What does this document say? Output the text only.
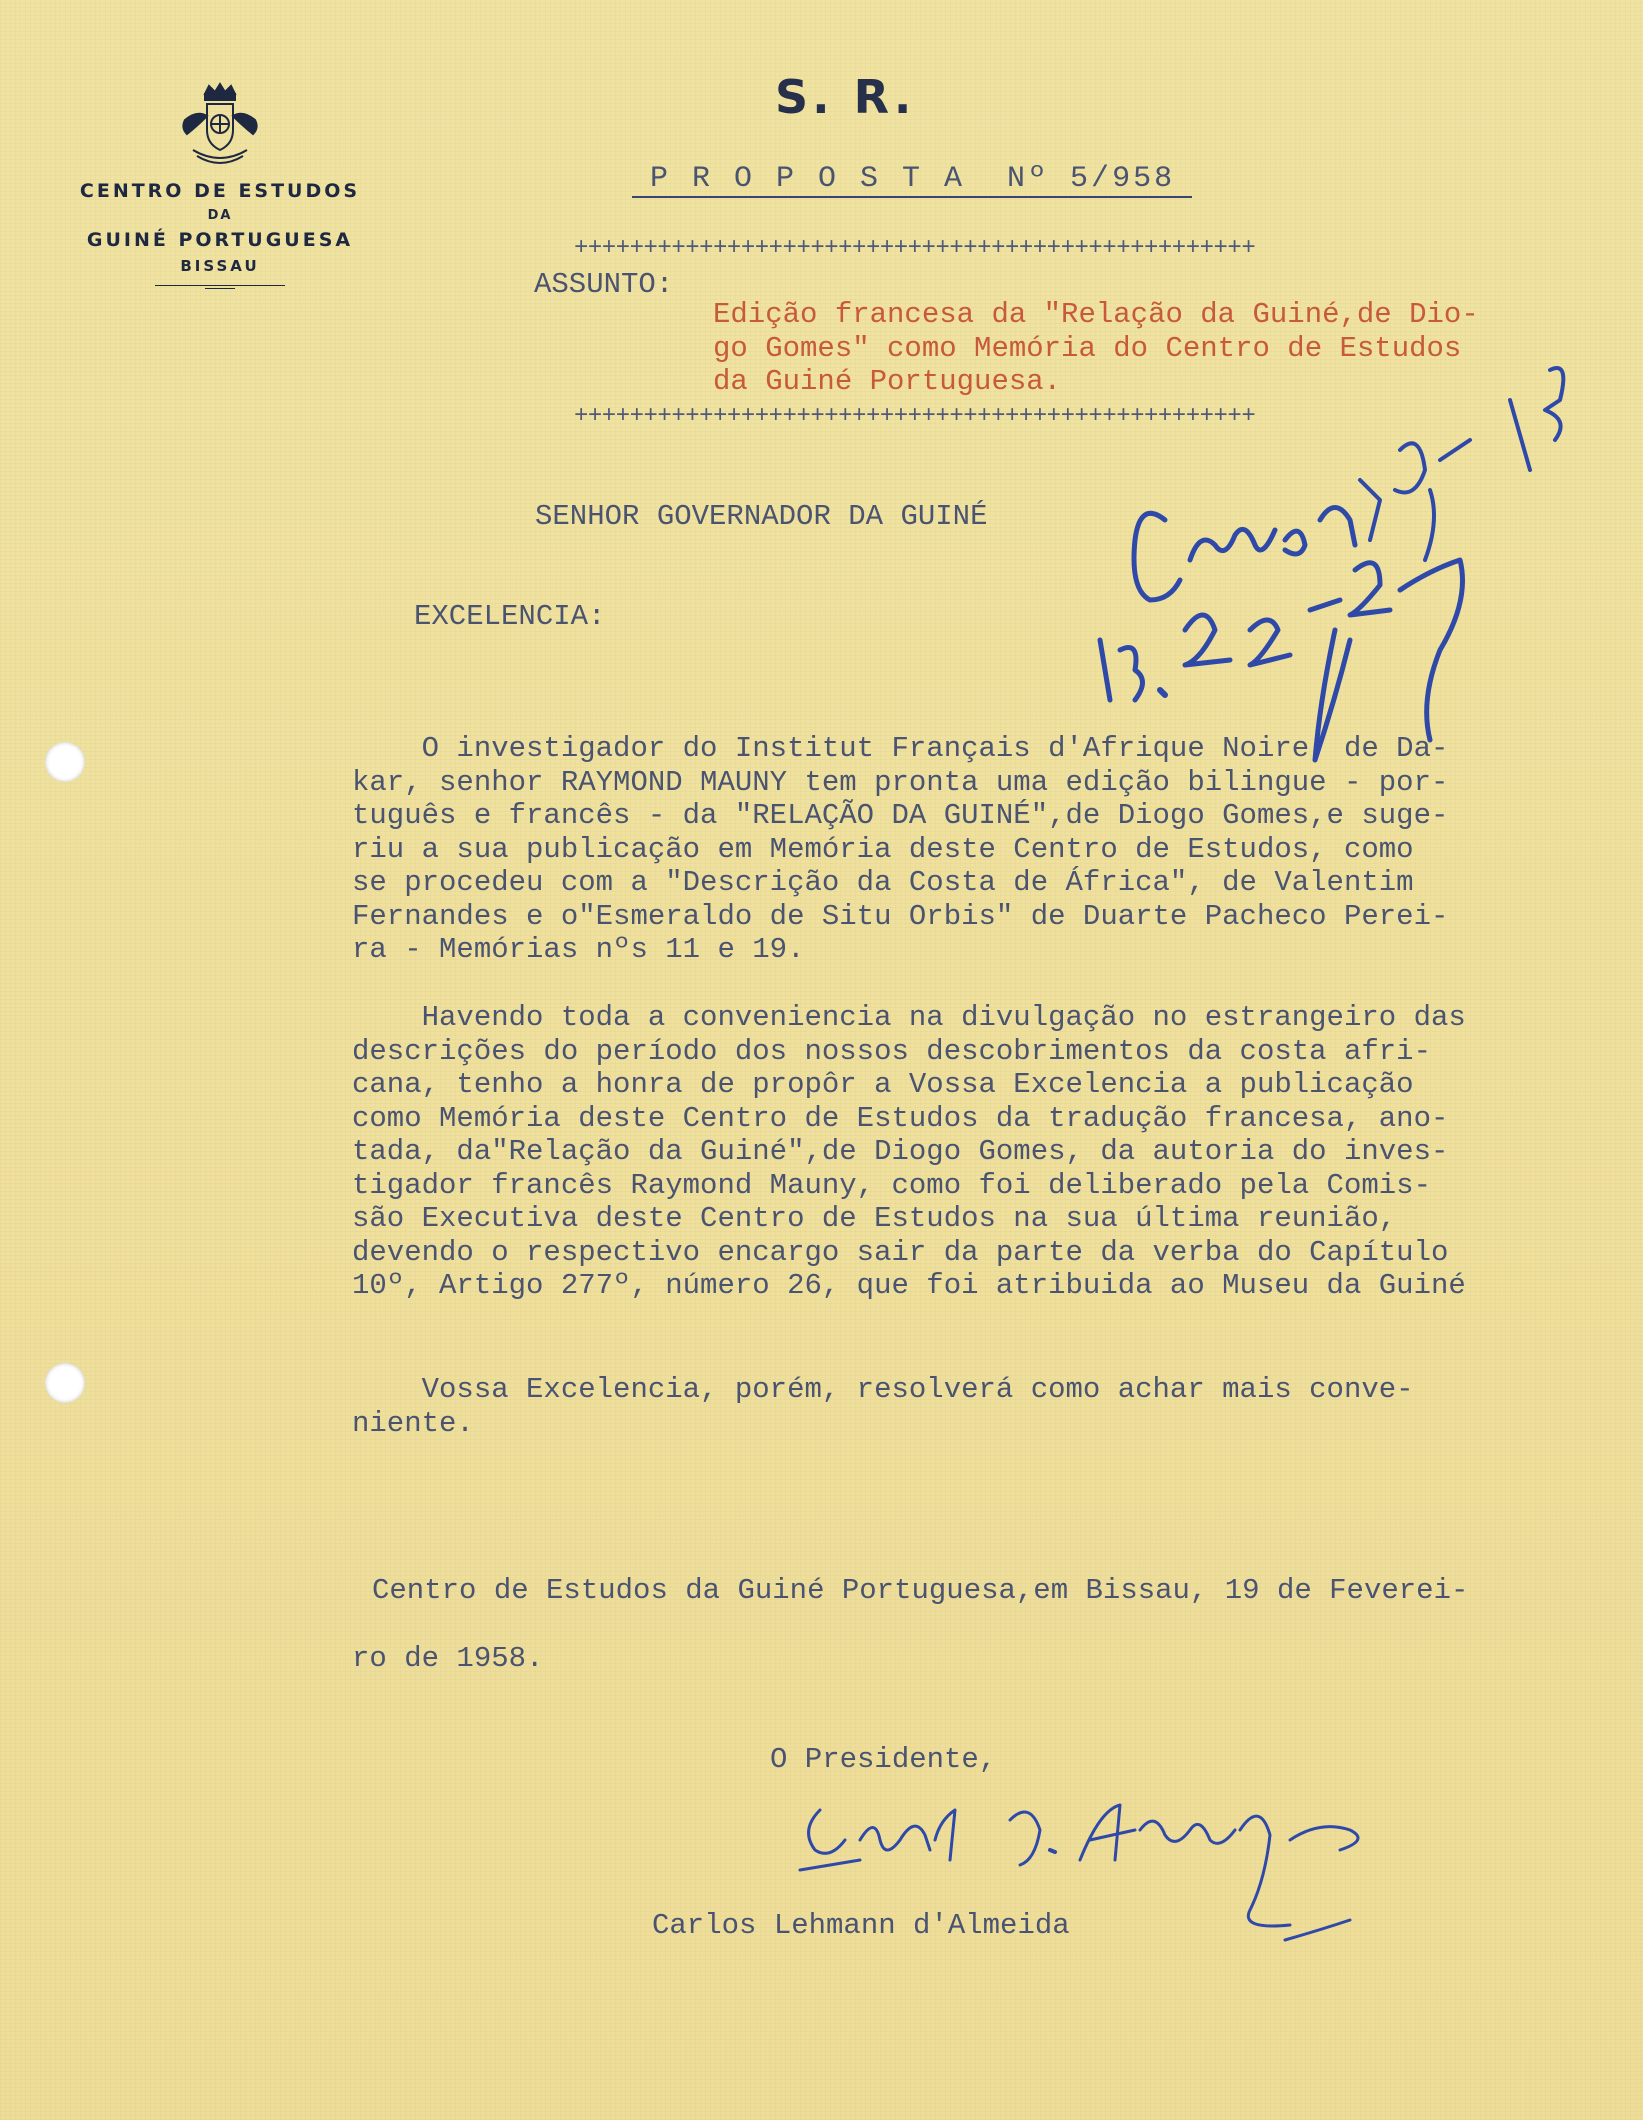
CENTRO DE ESTUDOS
DA
GUINÉ PORTUGUESA
BISSAU
S. R.
P R O P O S T A  Nº 5/958
+++++++++++++++++++++++++++++++++++++++++++++++++
ASSUNTO:
Edição francesa da "Relação da Guiné,de Dio-
go Gomes" como Memória do Centro de Estudos
da Guiné Portuguesa.
+++++++++++++++++++++++++++++++++++++++++++++++++
SENHOR GOVERNADOR DA GUINÉ
EXCELENCIA:
O investigador do Institut Français d'Afrique Noire, de Da-
kar, senhor RAYMOND MAUNY tem pronta uma edição bilingue - por-
tuguês e francês - da "RELAÇÃO DA GUINÉ",de Diogo Gomes,e suge-
riu a sua publicação em Memória deste Centro de Estudos, como
se procedeu com a "Descrição da Costa de África", de Valentim
Fernandes e o"Esmeraldo de Situ Orbis" de Duarte Pacheco Perei-
ra - Memórias nºs 11 e 19.
Havendo toda a conveniencia na divulgação no estrangeiro das
descrições do período dos nossos descobrimentos da costa afri-
cana, tenho a honra de propôr a Vossa Excelencia a publicação
como Memória deste Centro de Estudos da tradução francesa, ano-
tada, da"Relação da Guiné",de Diogo Gomes, da autoria do inves-
tigador francês Raymond Mauny, como foi deliberado pela Comis-
são Executiva deste Centro de Estudos na sua última reunião,
devendo o respectivo encargo sair da parte da verba do Capítulo
10º, Artigo 277º, número 26, que foi atribuida ao Museu da Guiné
Vossa Excelencia, porém, resolverá como achar mais conve-
niente.
Centro de Estudos da Guiné Portuguesa,em Bissau, 19 de Feverei-
ro de 1958.
O Presidente,
Carlos Lehmann d'Almeida
